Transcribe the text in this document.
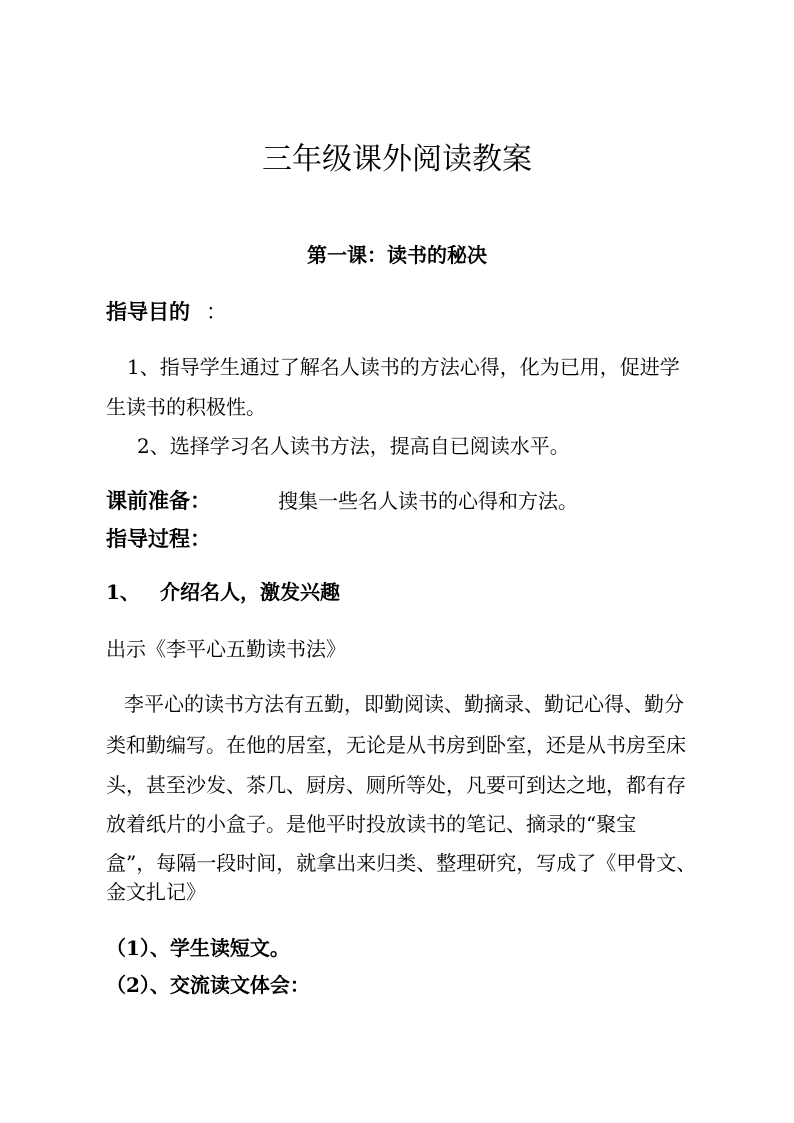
三年级课外阅读教案
第一课：读书的秘决
指导目的 ：
1、指导学生通过了解名人读书的方法心得，化为已用，促进学
生读书的积极性。
2、选择学习名人读书方法，提高自已阅读水平。
课前准备：	搜集一些名人读书的心得和方法。
指导过程：
1、 介绍名人，激发兴趣
出示《李平心五勤读书法》
李平心的读书方法有五勤，即勤阅读、勤摘录、勤记心得、勤分
类和勤编写。在他的居室，无论是从书房到卧室，还是从书房至床
头，甚至沙发、茶几、厨房、厕所等处，凡要可到达之地，都有存
放着纸片的小盒子。是他平时投放读书的笔记、摘录的“聚宝
盒”，每隔一段时间，就拿出来归类、整理研究，写成了《甲骨文、
金文扎记》
（1）、学生读短文。
（2）、交流读文体会：
